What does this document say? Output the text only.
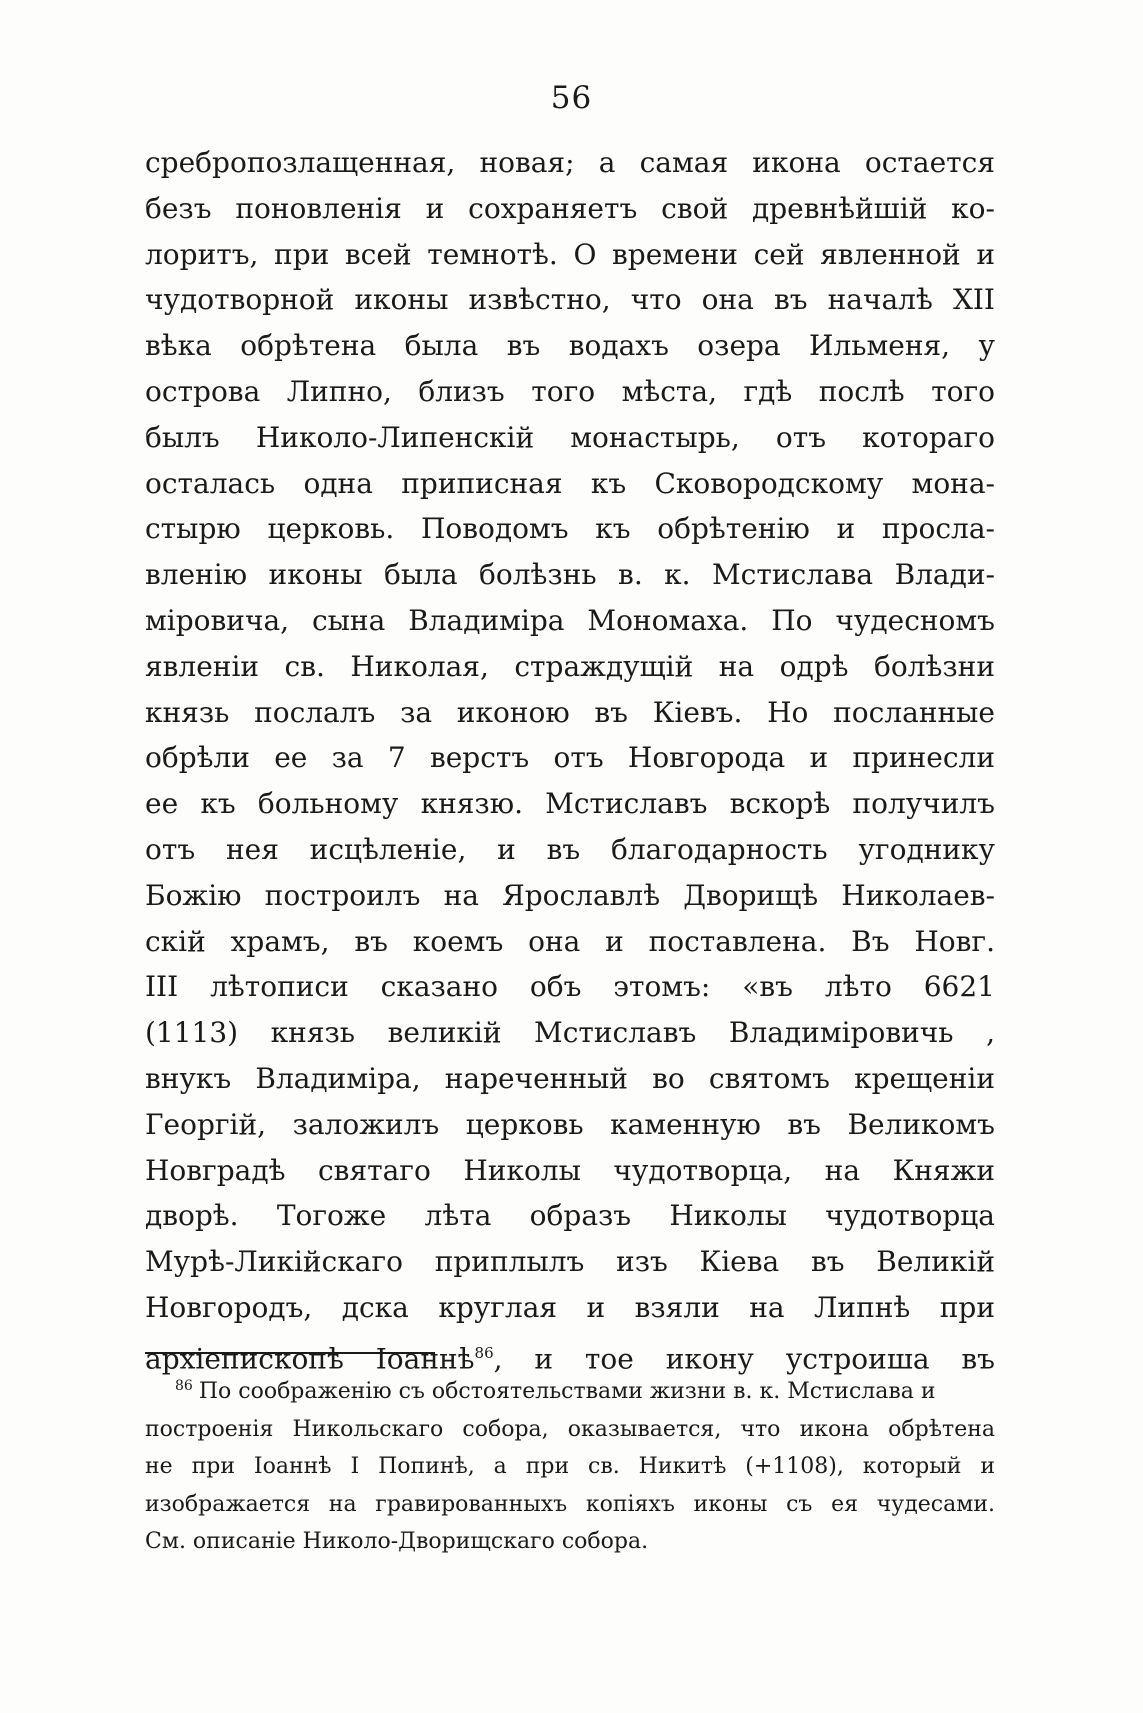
56
сребропозлащенная, новая; а самая икона остается
безъ поновленія и сохраняетъ свой древнѣйшій ко-
лоритъ, при всей темнотѣ. О времени сей явленной и
чудотворной иконы извѣстно, что она въ началѣ XII
вѣка обрѣтена была въ водахъ озера Ильменя, у
острова Липно, близъ того мѣста, гдѣ послѣ того
былъ Николо-Липенскій монастырь, отъ котораго
осталась одна приписная къ Сковородскому мона-
стырю церковь. Поводомъ къ обрѣтенію и просла-
вленію иконы была болѣзнь в. к. Мстислава Влади-
міровича, сына Владиміра Мономаха. По чудесномъ
явленіи св. Николая, страждущій на одрѣ болѣзни
князь послалъ за иконою въ Кіевъ. Но посланные
обрѣли ее за 7 верстъ отъ Новгорода и принесли
ее къ больному князю. Мстиславъ вскорѣ получилъ
отъ нея исцѣленіе, и въ благодарность угоднику
Божію построилъ на Ярославлѣ Дворищѣ Николаев-
скій храмъ, въ коемъ она и поставлена. Въ Новг.
III лѣтописи сказано объ этомъ: «въ лѣто 6621
(1113) князь великій Мстиславъ Владиміровичь ,
внукъ Владиміра, нареченный во святомъ крещеніи
Георгій, заложилъ церковь каменную въ Великомъ
Новградѣ святаго Николы чудотворца, на Княжи
дворѣ. Тогоже лѣта образъ Николы чудотворца
Мурѣ-Ликійскаго приплылъ изъ Кіева въ Великій
Новгородъ, дска круглая и взяли на Липнѣ при
архіепископѣ Іоаннѣ$^{86}$, и тое икону устроиша въ
$^{86}$ По соображенію съ обстоятельствами жизни в. к. Мстислава и
построенія Никольскаго собора, оказывается, что икона обрѣтена
не при Іоаннѣ I Попинѣ, а при св. Никитѣ (+1108), который и
изображается на гравированныхъ копіяхъ иконы съ ея чудесами.
См. описаніе Николо-Дворищскаго собора.
